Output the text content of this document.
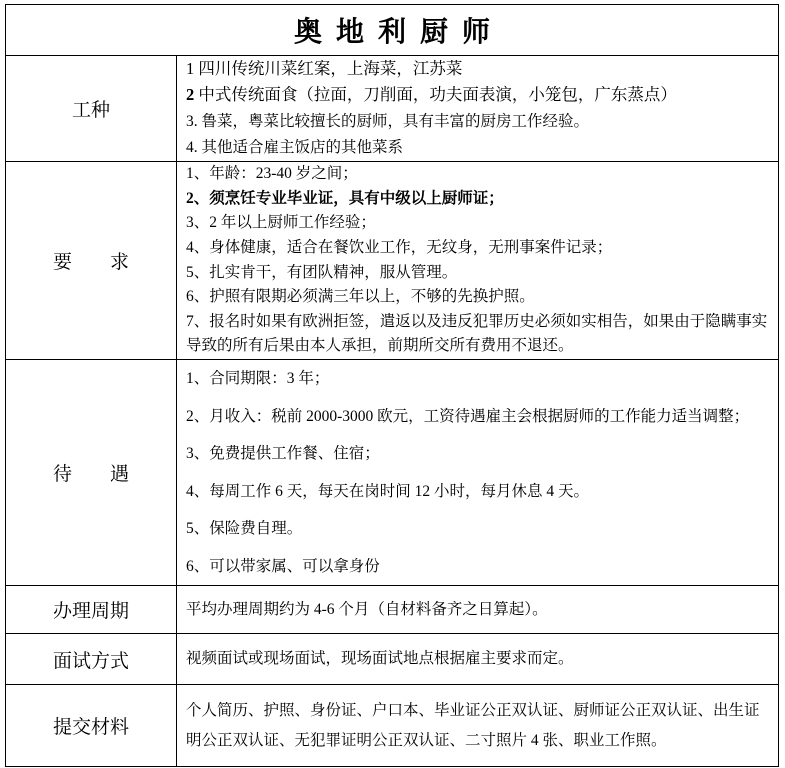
奥地利厨师
工种
1 四川传统川菜红案，上海菜，江苏菜
2 中式传统面食（拉面，刀削面，功夫面表演，小笼包，广东蒸点）
3. 鲁菜，粤菜比较擅长的厨师，具有丰富的厨房工作经验。
4. 其他适合雇主饭店的其他菜系
要　　求
1、年龄：23-40 岁之间；
2、须烹饪专业毕业证，具有中级以上厨师证；
3、2 年以上厨师工作经验；
4、身体健康，适合在餐饮业工作，无纹身，无刑事案件记录；
5、扎实肯干，有团队精神，服从管理。
6、护照有限期必须满三年以上，不够的先换护照。
7、报名时如果有欧洲拒签，遣返以及违反犯罪历史必须如实相告，如果由于隐瞒事实导致的所有后果由本人承担，前期所交所有费用不退还。
待　　遇
1、合同期限：3 年；
2、月收入：税前 2000-3000 欧元，工资待遇雇主会根据厨师的工作能力适当调整；
3、免费提供工作餐、住宿；
4、每周工作 6 天，每天在岗时间 12 小时，每月休息 4 天。
5、保险费自理。
6、可以带家属、可以拿身份
办理周期	平均办理周期约为 4-6 个月（自材料备齐之日算起）。
面试方式	视频面试或现场面试，现场面试地点根据雇主要求而定。
提交材料
个人简历、护照、身份证、户口本、毕业证公正双认证、厨师证公正双认证、出生证明公正双认证、无犯罪证明公正双认证、二寸照片 4 张、职业工作照。
